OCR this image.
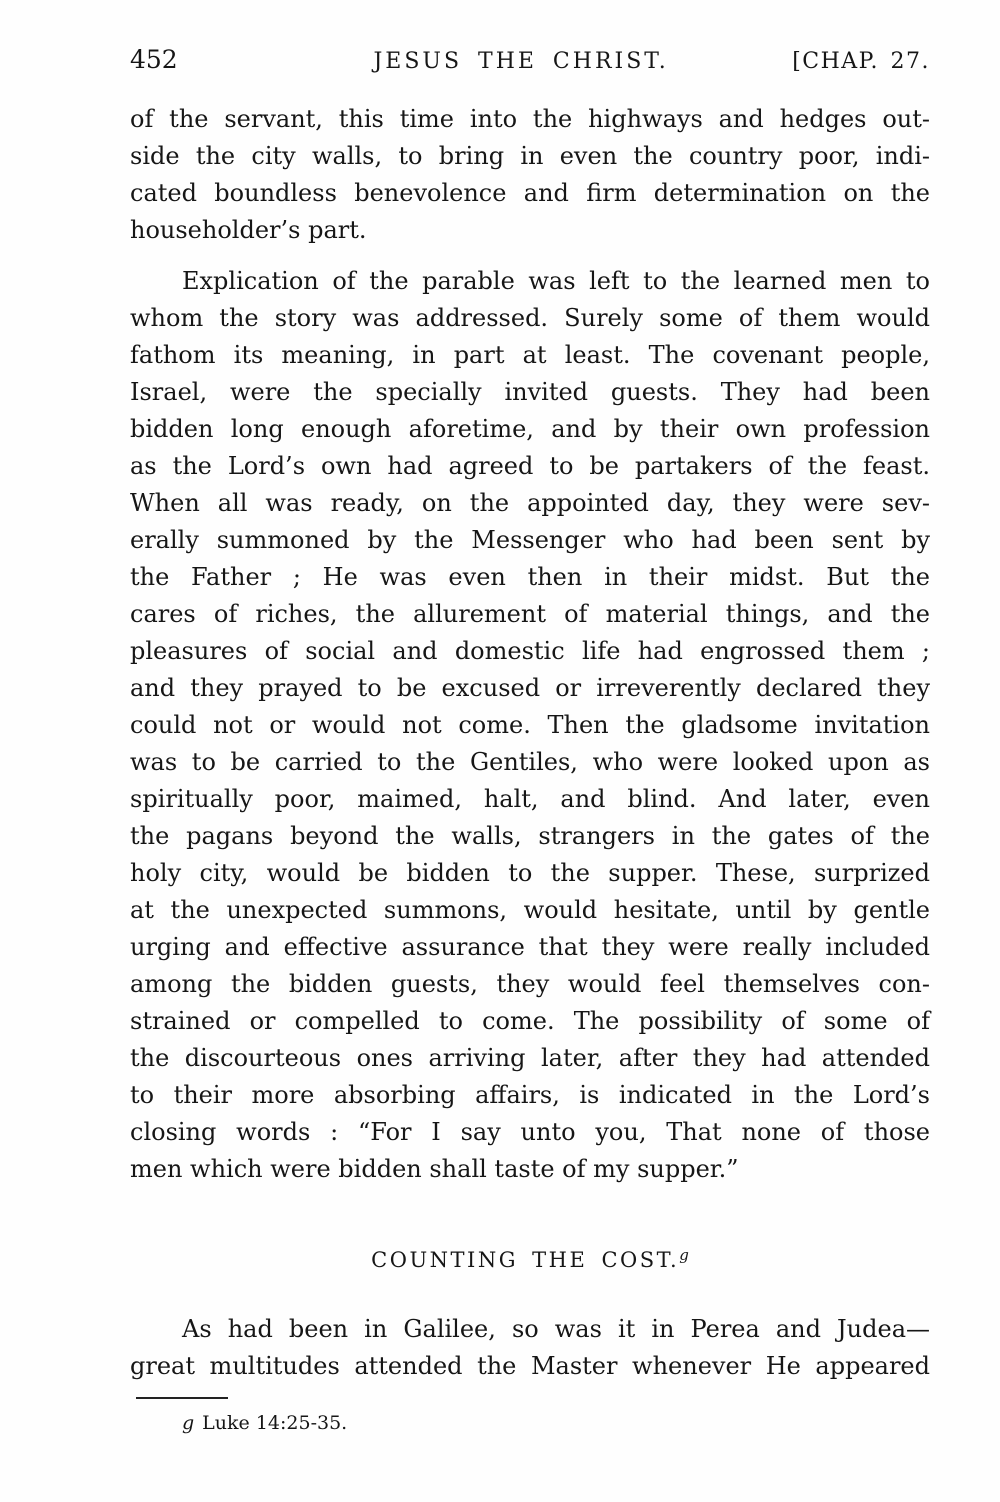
452	JESUS THE CHRIST.	[CHAP. 27.
of the servant, this time into the highways and hedges out-
side the city walls, to bring in even the country poor, indi-
cated boundless benevolence and firm determination on the
householder’s part.
Explication of the parable was left to the learned men to
whom the story was addressed. Surely some of them would
fathom its meaning, in part at least. The covenant people,
Israel, were the specially invited guests. They had been
bidden long enough aforetime, and by their own profession
as the Lord’s own had agreed to be partakers of the feast.
When all was ready, on the appointed day, they were sev-
erally summoned by the Messenger who had been sent by
the Father ; He was even then in their midst. But the
cares of riches, the allurement of material things, and the
pleasures of social and domestic life had engrossed them ;
and they prayed to be excused or irreverently declared they
could not or would not come. Then the gladsome invitation
was to be carried to the Gentiles, who were looked upon as
spiritually poor, maimed, halt, and blind. And later, even
the pagans beyond the walls, strangers in the gates of the
holy city, would be bidden to the supper. These, surprized
at the unexpected summons, would hesitate, until by gentle
urging and effective assurance that they were really included
among the bidden guests, they would feel themselves con-
strained or compelled to come. The possibility of some of
the discourteous ones arriving later, after they had attended
to their more absorbing affairs, is indicated in the Lord’s
closing words : “For I say unto you, That none of those
men which were bidden shall taste of my supper.”
COUNTING THE COST.$^g$
As had been in Galilee, so was it in Perea and Judea—
great multitudes attended the Master whenever He appeared
g Luke 14:25-35.
